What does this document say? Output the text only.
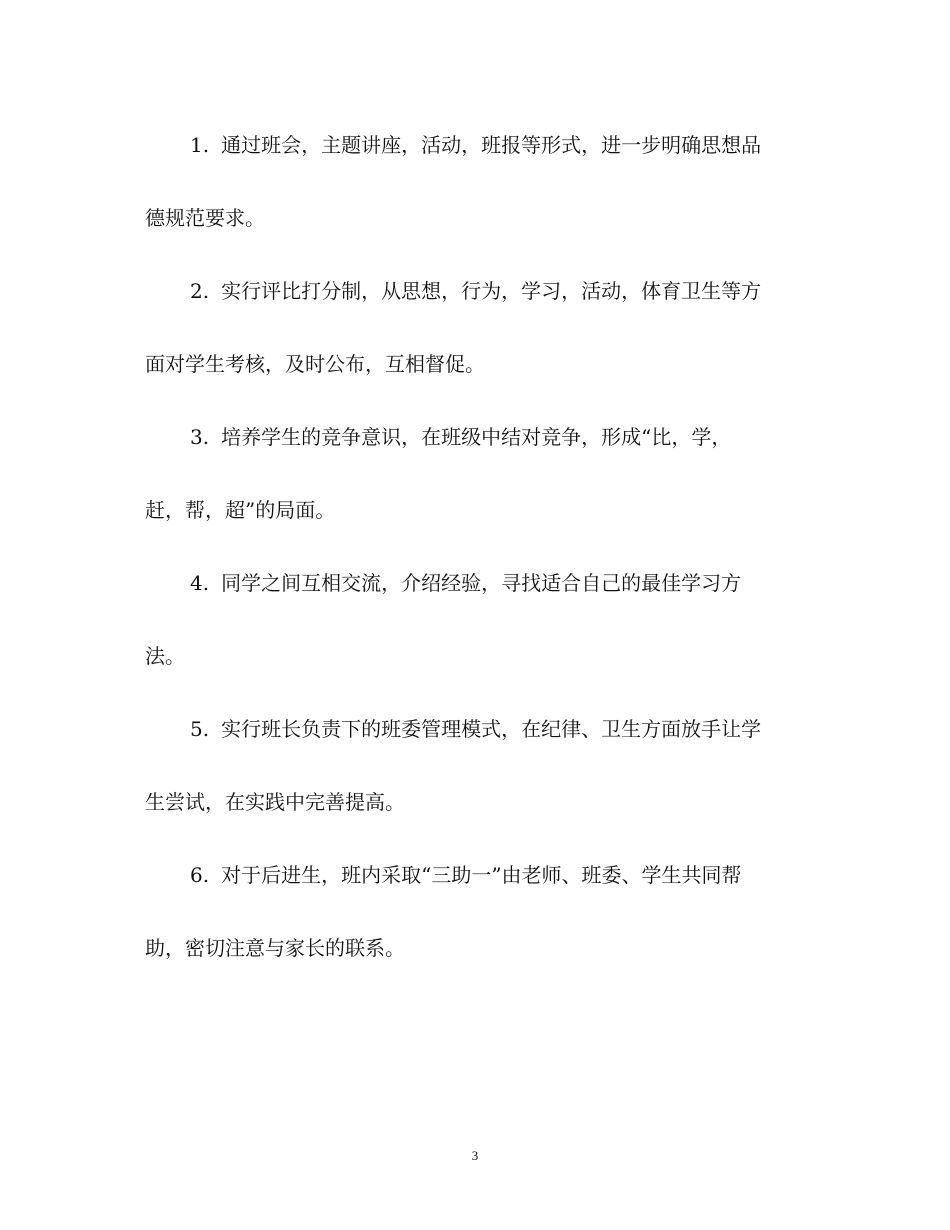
1. 通过班会，主题讲座，活动，班报等形式，进一步明确思想品
德规范要求。
2. 实行评比打分制，从思想，行为，学习，活动，体育卫生等方
面对学生考核，及时公布，互相督促。
3. 培养学生的竞争意识，在班级中结对竞争，形成“比，学，
赶，帮，超”的局面。
4. 同学之间互相交流，介绍经验，寻找适合自己的最佳学习方
法。
5. 实行班长负责下的班委管理模式，在纪律、卫生方面放手让学
生尝试，在实践中完善提高。
6. 对于后进生，班内采取“三助一”由老师、班委、学生共同帮
助，密切注意与家长的联系。
3
